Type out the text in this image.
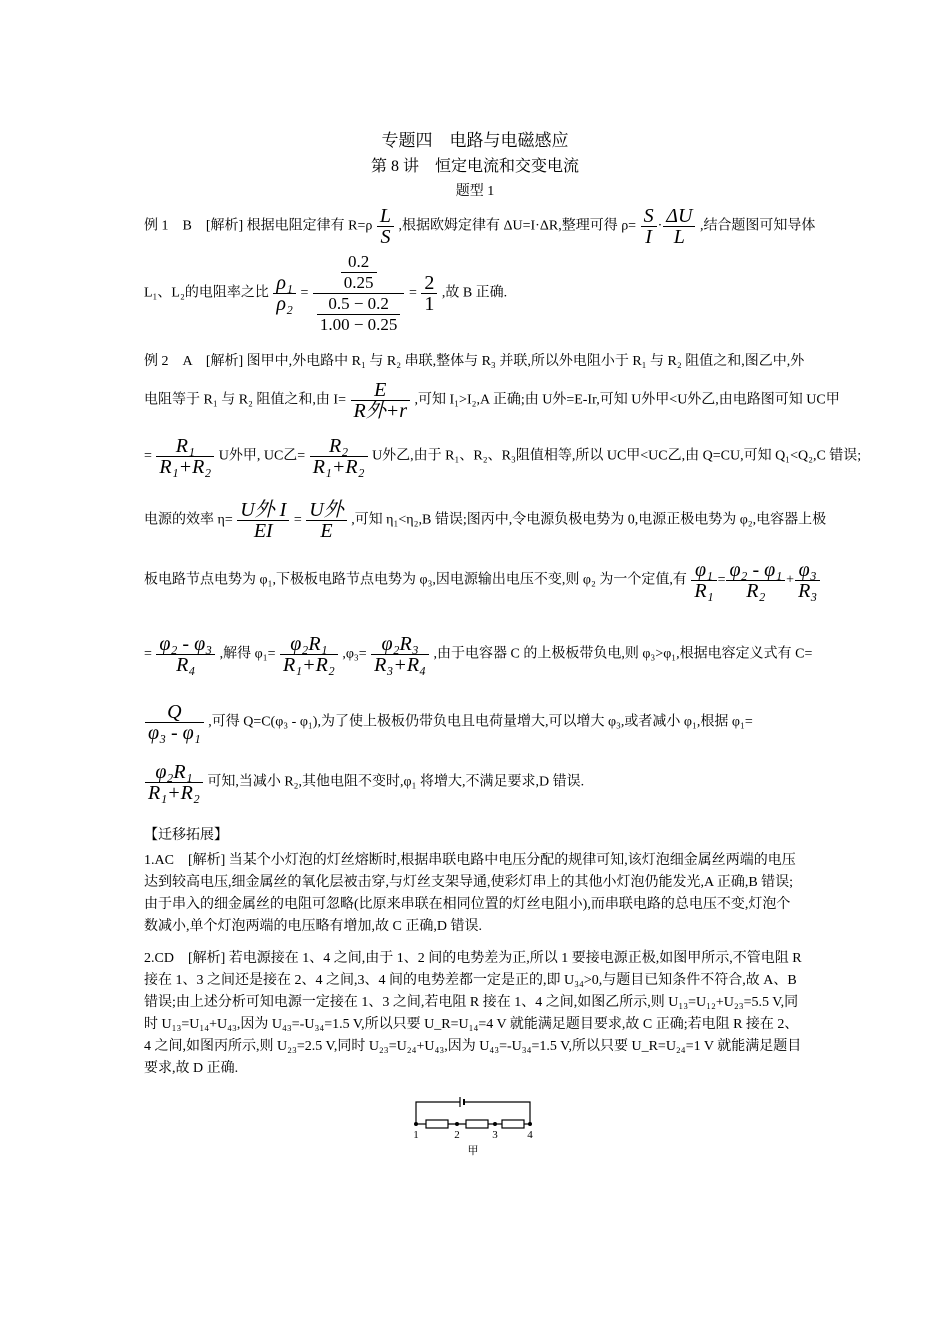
专题四　电路与电磁感应
第 8 讲　恒定电流和交变电流
题型 1
例 1　B　[解析] 根据电阻定律有 $R=\rho \frac{L}{S}$ ,根据欧姆定律有 ΔU=I·ΔR,整理可得 $\rho= \frac{S}{I} \cdot \frac{\Delta U}{L}$ ,结合题图可知导体
L₁、L₂的电阻率之比 $\frac{\text{ρ₁}}{\text{ρ₂}} = \frac{\frac{0.2}{0.25}}{\frac{0.5 - 0.2}{1.00 - 0.25}} = \frac{2}{1}$ ,故 B 正确.
例 2　A　[解析] 图甲中,外电路中 R₁ 与 R₂ 串联,整体与 R₃ 并联,所以外电阻小于 R₁ 与 R₂ 阻值之和,图乙中,外
电阻等于 R₁ 与 R₂ 阻值之和,由 $I= \frac{E}{\text{R外+r}}$ ,可知 I₁>I₂,A 正确;由 U外=E-Ir,可知 U外甲<U外乙,由电路图可知 UC甲
= $\frac{\text{R₁}}{\text{R₁+R₂}}$ U外甲, UC乙= $\frac{\text{R₂}}{\text{R₁+R₂}}$ U外乙,由于 R₁、R₂、R₃阻值相等,所以 UC甲<UC乙,由 Q=CU,可知 Q₁<Q₂,C 错误;
电源的效率 $\eta= \frac{\text{U外 I}}{EI} = \frac{\text{U外}}{E}$ ,可知 η₁<η₂,B 错误;图丙中,令电源负极电势为 0,电源正极电势为 φ₂,电容器上极
板电路节点电势为 φ₁,下极板电路节点电势为 φ₃,因电源输出电压不变,则 φ₂ 为一个定值,有 $\frac{\text{φ₁}}{\text{R₁}} = \frac{\text{φ₂ - φ₁}}{\text{R₂}} + \frac{\text{φ₃}}{\text{R₃}}$
= $\frac{\text{φ₂ - φ₃}}{\text{R₄}}$ ,解得 $\varphi_1= \frac{\text{φ₂R₁}}{\text{R₁+R₂}} ,\varphi_3= \frac{\text{φ₂R₃}}{\text{R₃+R₄}}$ ,由于电容器 C 的上极板带负电,则 φ₃>φ₁,根据电容定义式有 C=
$\frac{Q}{\text{φ₃ - φ₁}}$ ,可得 Q=C(φ₃ - φ₁),为了使上极板仍带负电且电荷量增大,可以增大 φ₃,或者减小 φ₁,根据 φ₁=
$\frac{\text{φ₂R₁}}{\text{R₁+R₂}}$ 可知,当减小 R₂,其他电阻不变时,φ₁ 将增大,不满足要求,D 错误.
【迁移拓展】
1.AC　[解析] 当某个小灯泡的灯丝熔断时,根据串联电路中电压分配的规律可知,该灯泡细金属丝两端的电压达到较高电压,细金属丝的氧化层被击穿,与灯丝支架导通,使彩灯串上的其他小灯泡仍能发光,A 正确,B 错误;由于串入的细金属丝的电阻可忽略(比原来串联在相同位置的灯丝电阻小),而串联电路的总电压不变,灯泡个数减小,单个灯泡两端的电压略有增加,故 C 正确,D 错误.
2.CD　[解析] 若电源接在 1、4 之间,由于 1、2 间的电势差为正,所以 1 要接电源正极,如图甲所示,不管电阻 R 接在 1、3 之间还是接在 2、4 之间,3、4 间的电势差都一定是正的,即 U₃₄>0,与题目已知条件不符合,故 A、B 错误;由上述分析可知电源一定接在 1、3 之间,若电阻 R 接在 1、4 之间,如图乙所示,则 U₁₃=U₁₂+U₂₃=5.5 V,同时 U₁₃=U₁₄+U₄₃,因为 U₄₃=-U₃₄=1.5 V,所以只要 U_R=U₁₄=4 V 就能满足题目要求,故 C 正确;若电阻 R 接在 2、4 之间,如图丙所示,则 U₂₃=2.5 V,同时 U₂₃=U₂₄+U₄₃,因为 U₄₃=-U₃₄=1.5 V,所以只要 U_R=U₂₄=1 V 就能满足题目要求,故 D 正确.
1	2	3	4
甲
